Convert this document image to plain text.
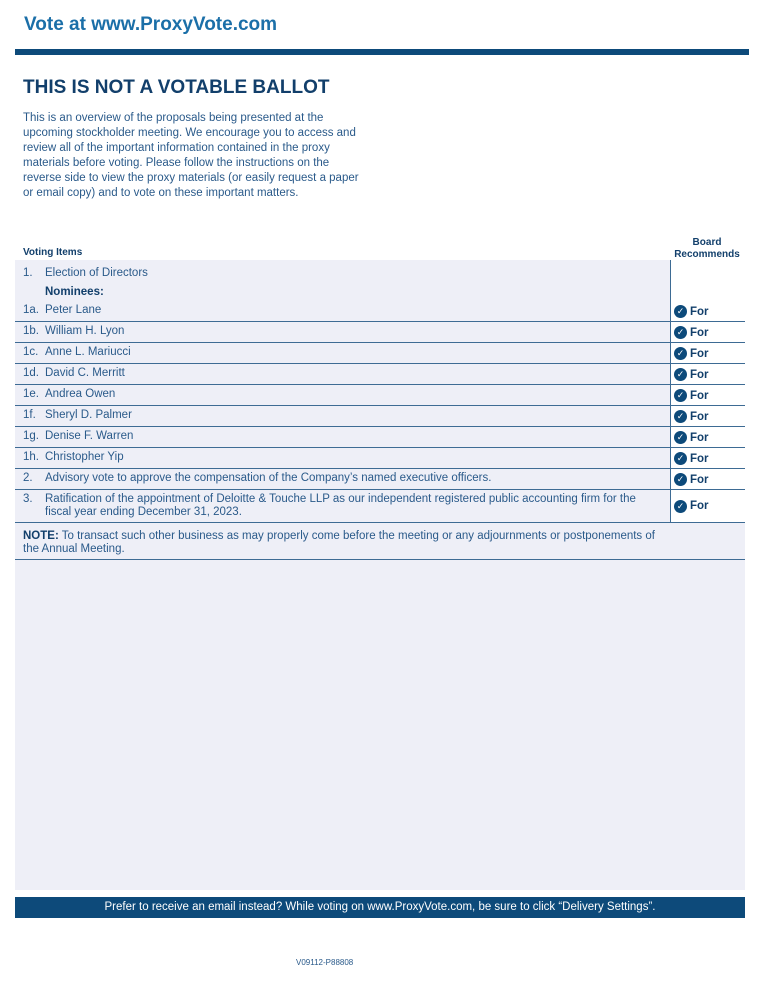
Vote at www.ProxyVote.com
THIS IS NOT A VOTABLE BALLOT
This is an overview of the proposals being presented at the upcoming stockholder meeting. We encourage you to access and review all of the important information contained in the proxy materials before voting. Please follow the instructions on the reverse side to view the proxy materials (or easily request a paper or email copy) and to vote on these important matters.
Voting Items
Board
Recommends
1. Election of Directors
Nominees:
1a. Peter Lane	✓ For
1b. William H. Lyon	✓ For
1c. Anne L. Mariucci	✓ For
1d. David C. Merritt	✓ For
1e. Andrea Owen	✓ For
1f. Sheryl D. Palmer	✓ For
1g. Denise F. Warren	✓ For
1h. Christopher Yip	✓ For
2. Advisory vote to approve the compensation of the Company’s named executive officers.	✓ For
3. Ratification of the appointment of Deloitte & Touche LLP as our independent registered public accounting firm for the
fiscal year ending December 31, 2023.	✓ For
NOTE: To transact such other business as may properly come before the meeting or any adjournments or postponements of the Annual Meeting.
Prefer to receive an email instead? While voting on www.ProxyVote.com, be sure to click “Delivery Settings”.
V09112-P88808
